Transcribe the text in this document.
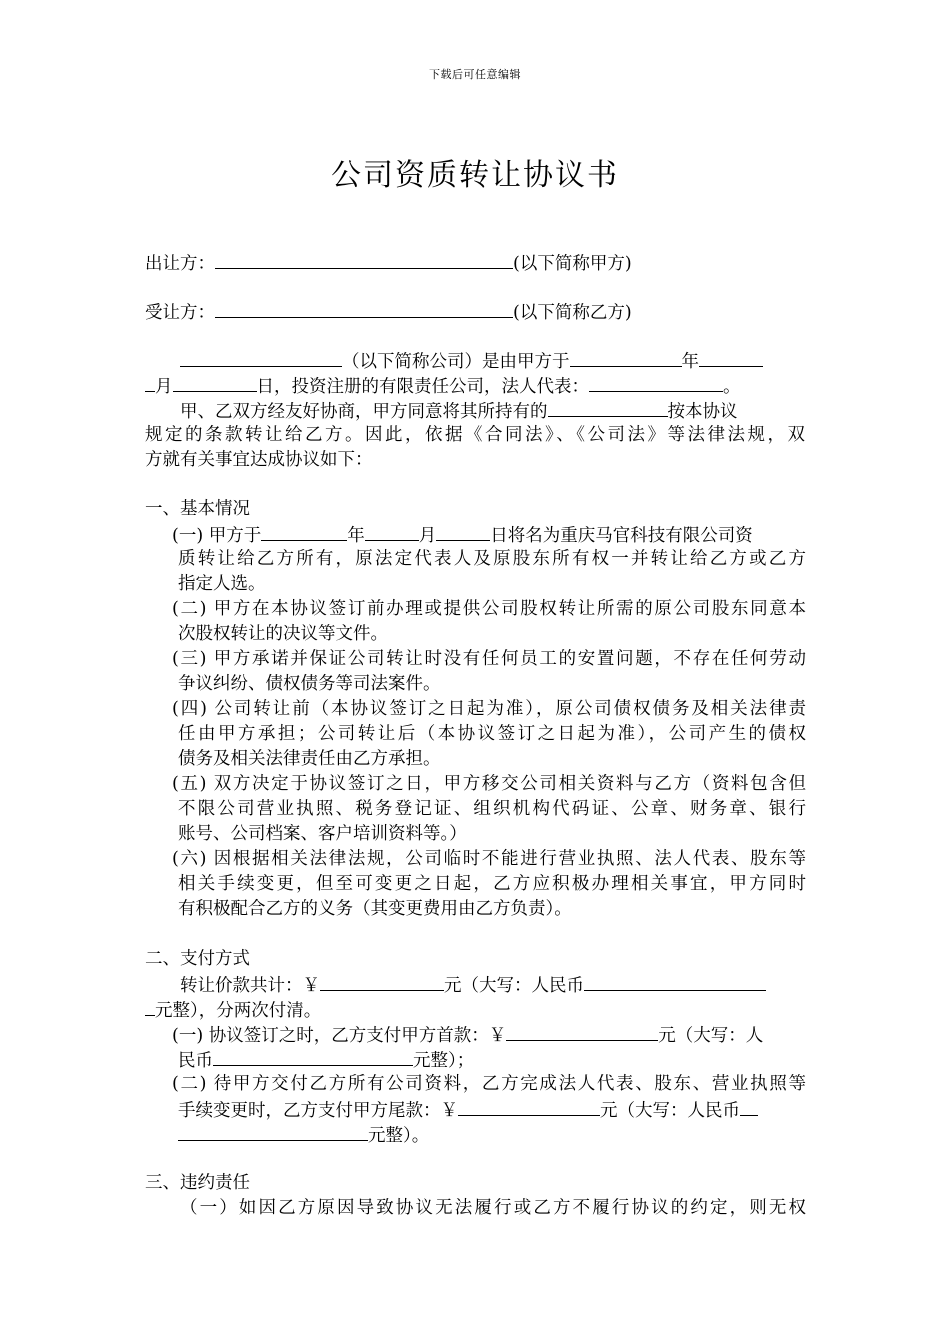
下载后可任意编辑
公司资质转让协议书
出让方：	(以下简称甲方)
受让方：	(以下简称乙方)
（以下简称公司）是由甲方于	年
月	日，投资注册的有限责任公司，法人代表：	。
甲、乙双方经友好协商，甲方同意将其所持有的	按本协议
规定的条款转让给乙方。因此，依据《合同法》、《公司法》等法律法规，双
方就有关事宜达成协议如下：
一、基本情况
(一) 甲方于	年	月	日将名为重庆马官科技有限公司资
质转让给乙方所有，原法定代表人及原股东所有权一并转让给乙方或乙方
指定人选。
(二) 甲方在本协议签订前办理或提供公司股权转让所需的原公司股东同意本
次股权转让的决议等文件。
(三) 甲方承诺并保证公司转让时没有任何员工的安置问题，不存在任何劳动
争议纠纷、债权债务等司法案件。
(四) 公司转让前（本协议签订之日起为准），原公司债权债务及相关法律责
任由甲方承担；公司转让后（本协议签订之日起为准），公司产生的债权
债务及相关法律责任由乙方承担。
(五) 双方决定于协议签订之日，甲方移交公司相关资料与乙方（资料包含但
不限公司营业执照、税务登记证、组织机构代码证、公章、财务章、银行
账号、公司档案、客户培训资料等。）
(六) 因根据相关法律法规，公司临时不能进行营业执照、法人代表、股东等
相关手续变更，但至可变更之日起，乙方应积极办理相关事宜，甲方同时
有积极配合乙方的义务（其变更费用由乙方负责）。
二、支付方式
转让价款共计：￥	元（大写：人民币
元整），分两次付清。
(一) 协议签订之时，乙方支付甲方首款：￥	元（大写：人
民币	元整）；
(二) 待甲方交付乙方所有公司资料，乙方完成法人代表、股东、营业执照等
手续变更时，乙方支付甲方尾款：￥	元（大写：人民币
元整）。
三、违约责任
（一）如因乙方原因导致协议无法履行或乙方不履行协议的约定，则无权
